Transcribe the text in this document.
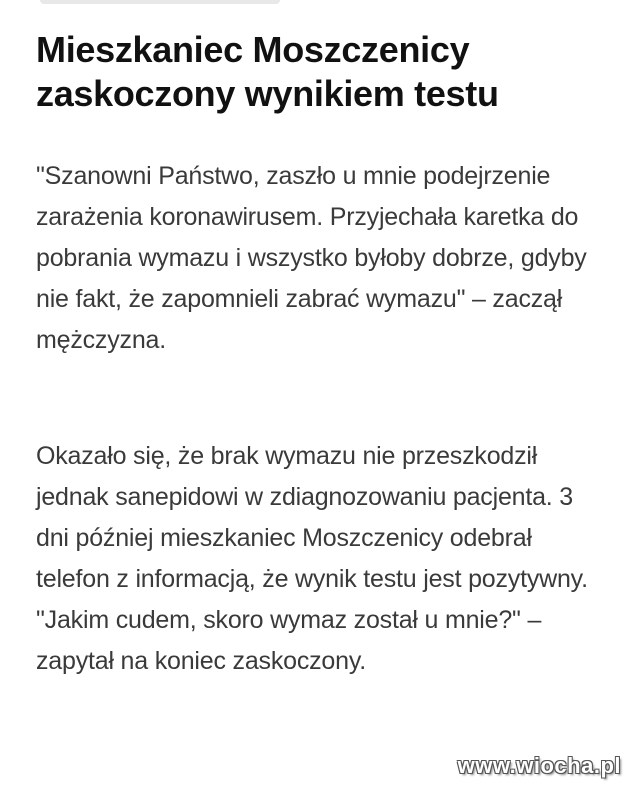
Mieszkaniec Moszczenicy
zaskoczony wynikiem testu

"Szanowni Państwo, zaszło u mnie podejrzenie zarażenia koronawirusem. Przyjechała karetka do pobrania wymazu i wszystko byłoby dobrze, gdyby nie fakt, że zapomnieli zabrać wymazu" – zaczął mężczyzna.

Okazało się, że brak wymazu nie przeszkodził jednak sanepidowi w zdiagnozowaniu pacjenta. 3 dni później mieszkaniec Moszczenicy odebrał telefon z informacją, że wynik testu jest pozytywny. "Jakim cudem, skoro wymaz został u mnie?" – zapytał na koniec zaskoczony.

www.wiocha.pl
